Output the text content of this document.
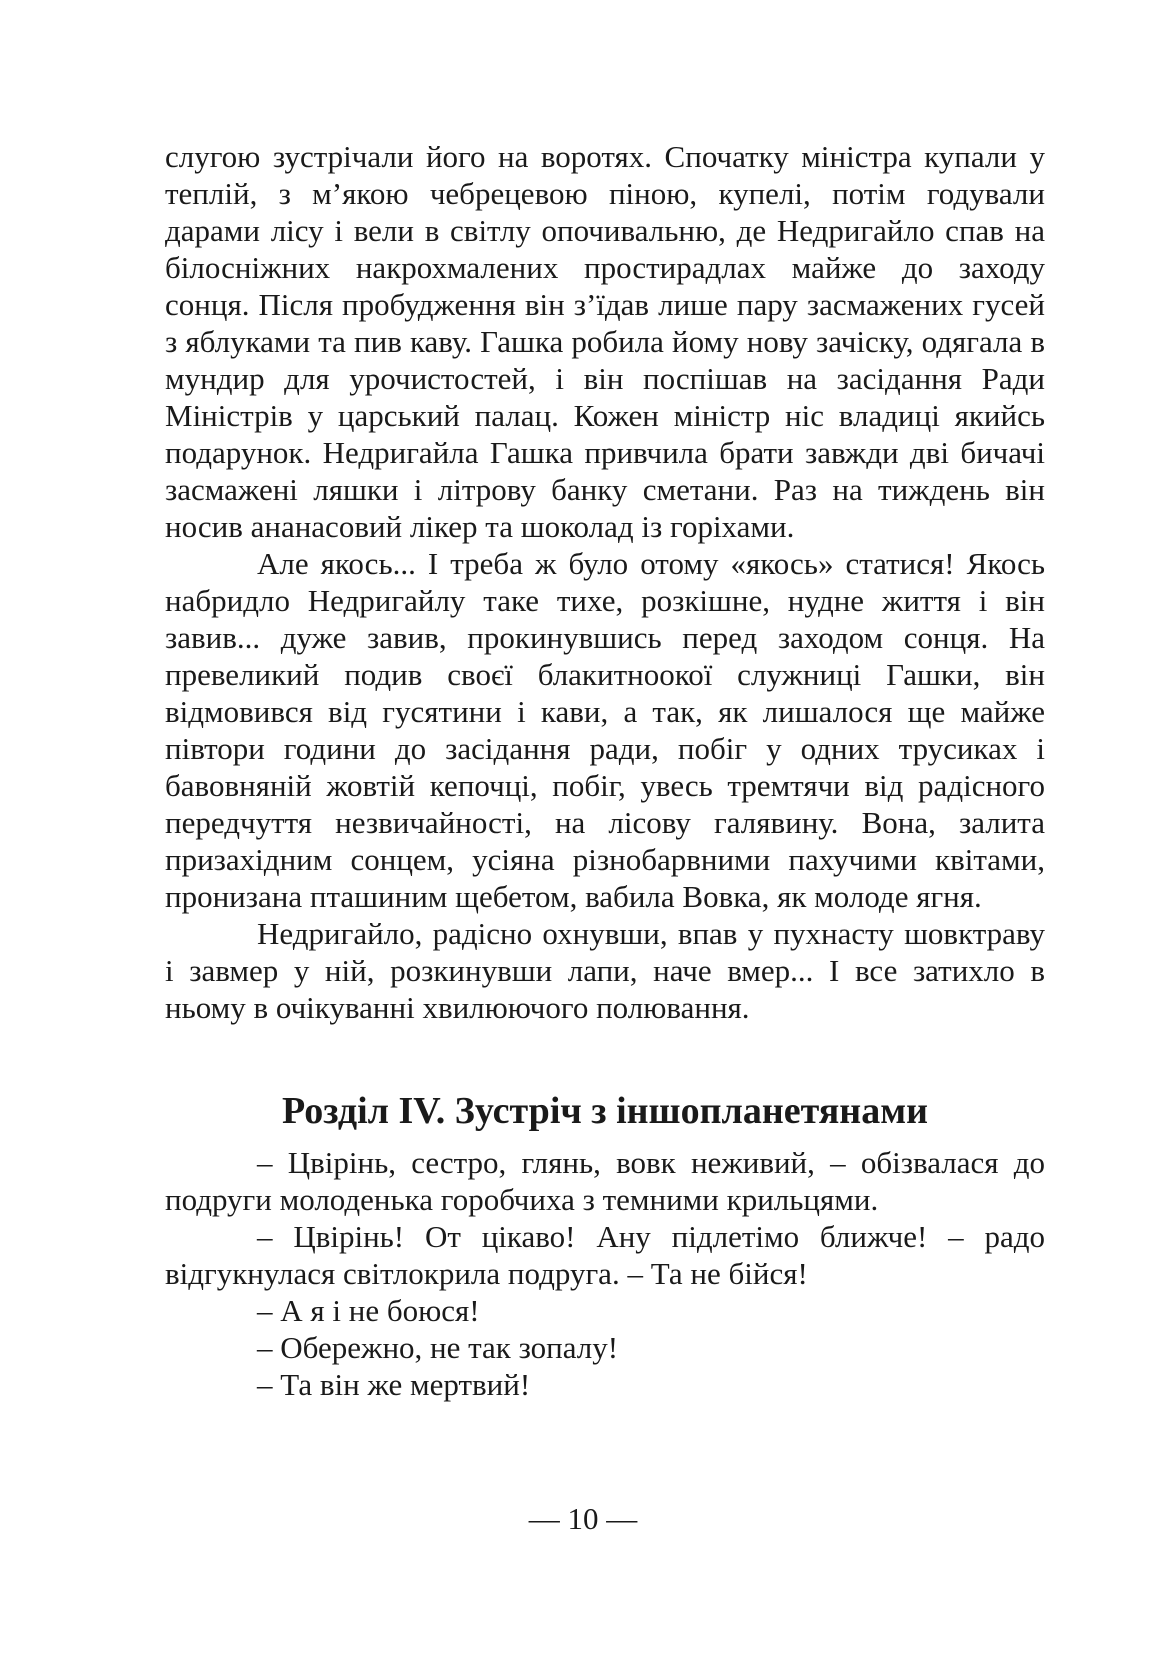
слугою зустрічали його на воротях. Спочатку міністра купали у теплій, з м’якою чебрецевою піною, купелі, потім годували дарами лісу і вели в світлу опочивальню, де Недригайло спав на білосніжних накрохмалених простирадлах майже до заходу сонця. Після пробудження він з’їдав лише пару засмажених гусей з яблуками та пив каву. Гашка робила йому нову зачіску, одягала в мундир для урочистостей, і він поспішав на засідання Ради Міністрів у царський палац. Кожен міністр ніс владиці якийсь подарунок. Недригайла Гашка привчила брати завжди дві бичачі засмажені ляшки і літрову банку сметани. Раз на тиждень він носив ананасовий лікер та шоколад із горіхами.

Але якось... І треба ж було отому «якось» статися! Якось набридло Недригайлу таке тихе, розкішне, нудне життя і він завив... дуже завив, прокинувшись перед заходом сонця. На превеликий подив своєї блакитноокої служниці Гашки, він відмовився від гусятини і кави, а так, як лишалося ще майже півтори години до засідання ради, побіг у одних трусиках і бавовняній жовтій кепочці, побіг, увесь тремтячи від радісного передчуття незвичайності, на лісову галявину. Вона, залита призахідним сонцем, усіяна різнобарвними пахучими квітами, пронизана пташиним щебетом, вабила Вовка, як молоде ягня.

Недригайло, радісно охнувши, впав у пухнасту шовктраву і завмер у ній, розкинувши лапи, наче вмер... І все затихло в ньому в очікуванні хвилюючого полювання.

Розділ IV. Зустріч з іншопланетянами

– Цвірінь, сестро, глянь, вовк неживий, – обізвалася до подруги молоденька горобчиха з темними крильцями.

– Цвірінь! От цікаво! Ану підлетімо ближче! – радо відгукнулася світлокрила подруга. – Та не бійся!

– А я і не боюся!

– Обережно, не так зопалу!

– Та він же мертвий!

— 10 —
